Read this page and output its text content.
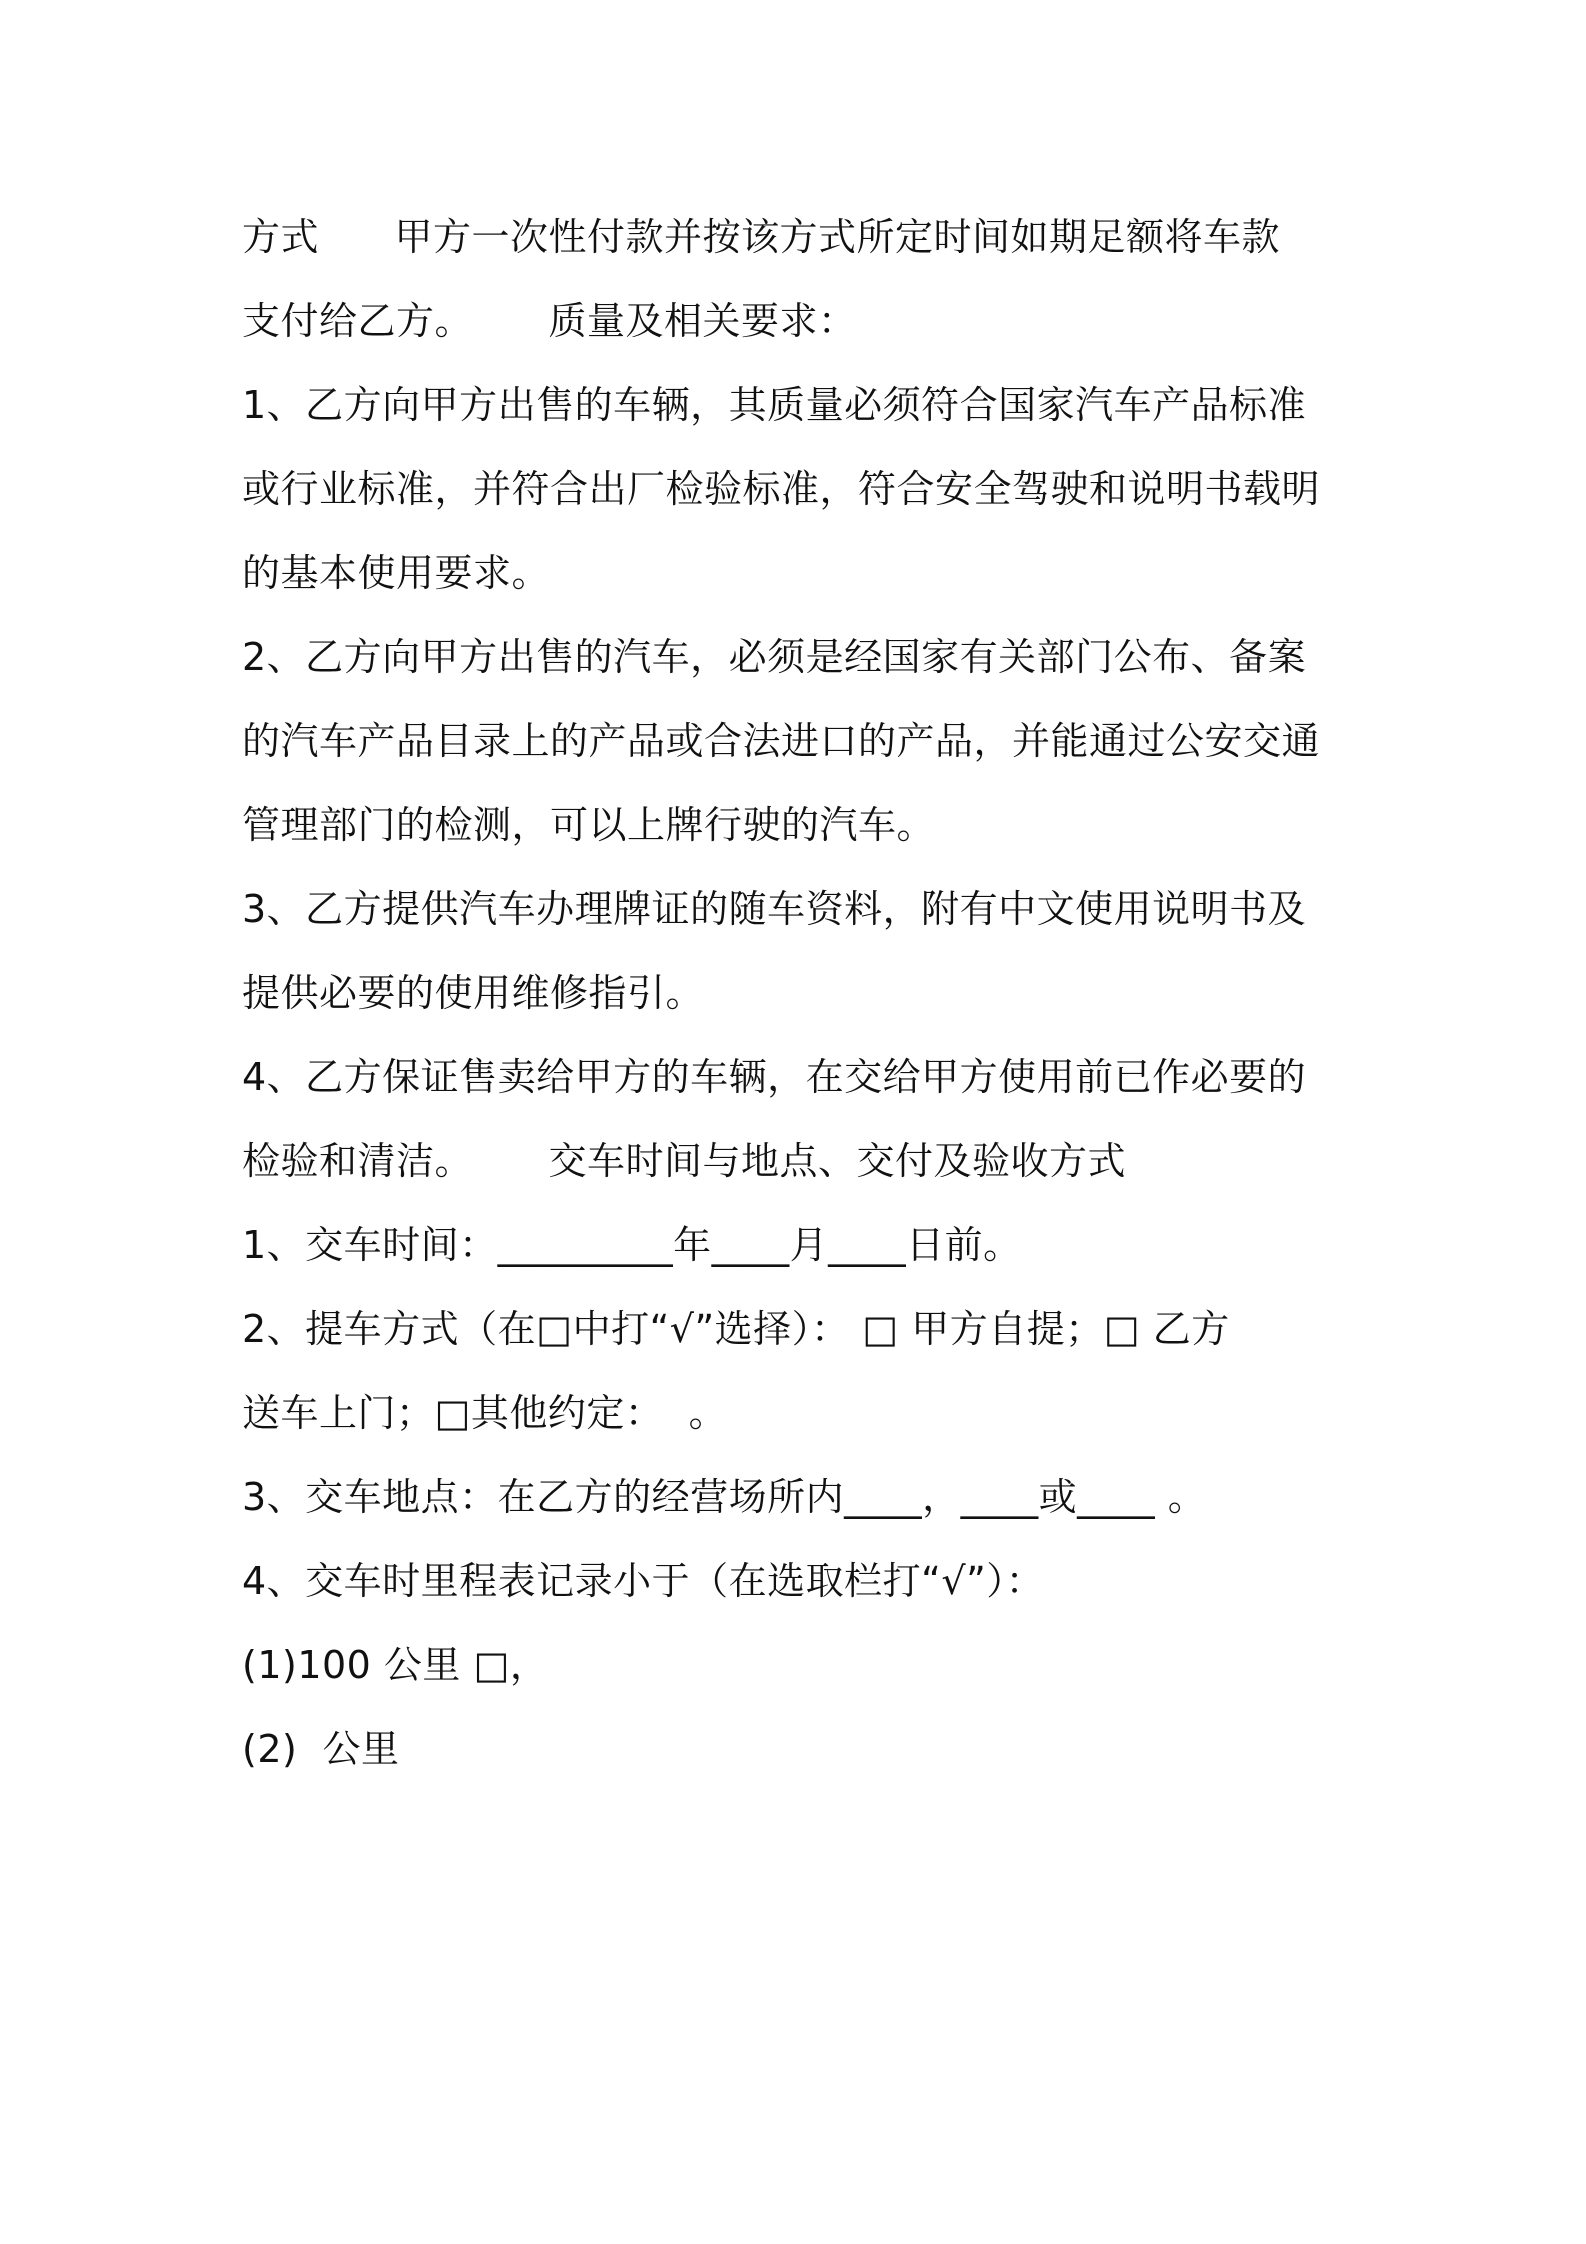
方式      甲方一次性付款并按该方式所定时间如期足额将车款
支付给乙方。      质量及相关要求：
1、乙方向甲方出售的车辆，其质量必须符合国家汽车产品标准
或行业标准，并符合出厂检验标准，符合安全驾驶和说明书载明
的基本使用要求。
2、乙方向甲方出售的汽车，必须是经国家有关部门公布、备案
的汽车产品目录上的产品或合法进口的产品，并能通过公安交通
管理部门的检测，可以上牌行驶的汽车。
3、乙方提供汽车办理牌证的随车资料，附有中文使用说明书及
提供必要的使用维修指引。
4、乙方保证售卖给甲方的车辆，在交给甲方使用前已作必要的
检验和清洁。      交车时间与地点、交付及验收方式
1、交车时间：_________年____月____日前。
2、提车方式（在□中打“√”选择）： □ 甲方自提；□ 乙方
送车上门；□其他约定：  。
3、交车地点：在乙方的经营场所内____，____或____ 。
4、交车时里程表记录小于（在选取栏打“√”）：
(1)100 公里 □，
(2)  公里
